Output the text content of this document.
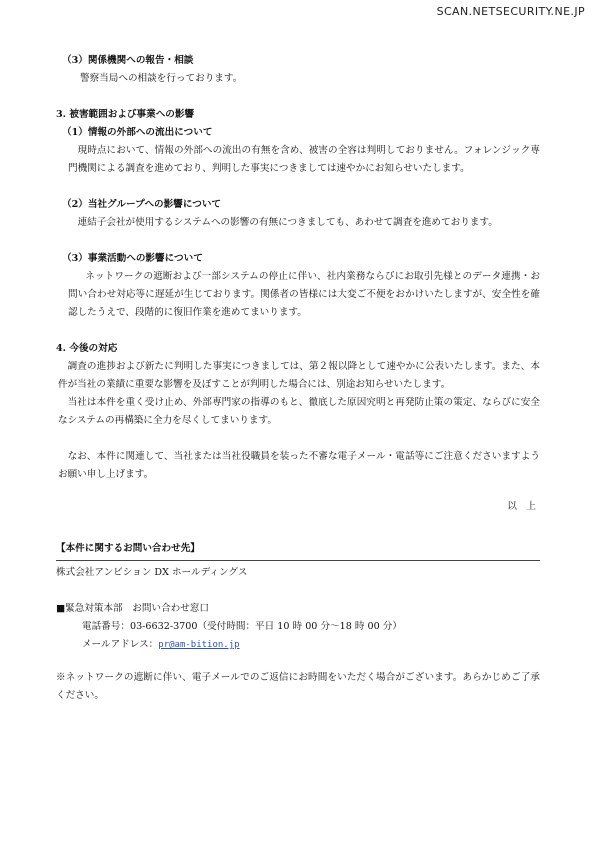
SCAN.NETSECURITY.NE.JP
（3）関係機関への報告・相談
警察当局への相談を行っております。
3. 被害範囲および事業への影響
（1）情報の外部への流出について
現時点において、情報の外部への流出の有無を含め、被害の全容は判明しておりません。フォレンジック専門機関による調査を進めており、判明した事実につきましては速やかにお知らせいたします。
（2）当社グループへの影響について
連結子会社が使用するシステムへの影響の有無につきましても、あわせて調査を進めております。
（3）事業活動への影響について
ネットワークの遮断および一部システムの停止に伴い、社内業務ならびにお取引先様とのデータ連携・お問い合わせ対応等に遅延が生じております。関係者の皆様には大変ご不便をおかけいたしますが、安全性を確認したうえで、段階的に復旧作業を進めてまいります。
4. 今後の対応
調査の進捗および新たに判明した事実につきましては、第２報以降として速やかに公表いたします。また、本件が当社の業績に重要な影響を及ぼすことが判明した場合には、別途お知らせいたします。
当社は本件を重く受け止め、外部専門家の指導のもと、徹底した原因究明と再発防止策の策定、ならびに安全なシステムの再構築に全力を尽くしてまいります。
なお、本件に関連して、当社または当社役職員を装った不審な電子メール・電話等にご注意くださいますようお願い申し上げます。
以　上
【本件に関するお問い合わせ先】
株式会社アンビション DX ホールディングス
■緊急対策本部　お問い合わせ窓口
電話番号：03-6632-3700（受付時間：平日 10 時 00 分〜18 時 00 分）
メールアドレス：pr@am-bition.jp
※ネットワークの遮断に伴い、電子メールでのご返信にお時間をいただく場合がございます。あらかじめご了承ください。
